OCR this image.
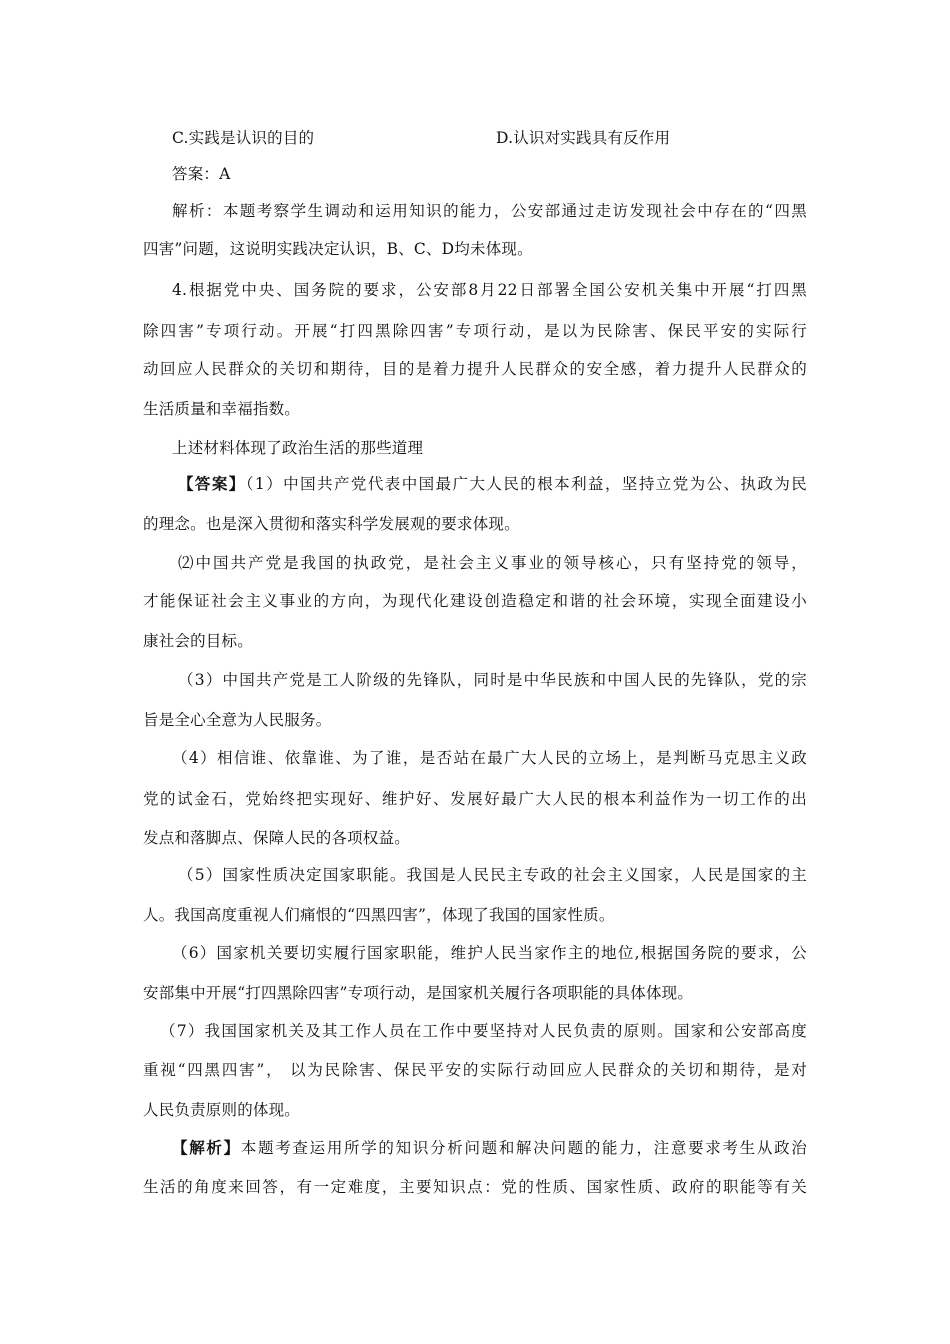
C.实践是认识的目的	D.认识对实践具有反作用
答案：A
解析：本题考察学生调动和运用知识的能力，公安部通过走访发现社会中存在的“四黑
四害”问题，这说明实践决定认识，B、C、D均未体现。
4.根据党中央、国务院的要求，公安部8月22日部署全国公安机关集中开展“打四黑
除四害”专项行动。开展“打四黑除四害”专项行动，是以为民除害、保民平安的实际行
动回应人民群众的关切和期待，目的是着力提升人民群众的安全感，着力提升人民群众的
生活质量和幸福指数。
上述材料体现了政治生活的那些道理
【答案】（1）中国共产党代表中国最广大人民的根本利益，坚持立党为公、执政为民
的理念。也是深入贯彻和落实科学发展观的要求体现。
⑵中国共产党是我国的执政党，是社会主义事业的领导核心，只有坚持党的领导，
才能保证社会主义事业的方向，为现代化建设创造稳定和谐的社会环境，实现全面建设小
康社会的目标。
（3）中国共产党是工人阶级的先锋队，同时是中华民族和中国人民的先锋队，党的宗
旨是全心全意为人民服务。
（4）相信谁、依靠谁、为了谁，是否站在最广大人民的立场上，是判断马克思主义政
党的试金石，党始终把实现好、维护好、发展好最广大人民的根本利益作为一切工作的出
发点和落脚点、保障人民的各项权益。
（5）国家性质决定国家职能。我国是人民民主专政的社会主义国家，人民是国家的主
人。我国高度重视人们痛恨的“四黑四害”，体现了我国的国家性质。
（6）国家机关要切实履行国家职能，维护人民当家作主的地位,根据国务院的要求，公
安部集中开展“打四黑除四害”专项行动，是国家机关履行各项职能的具体体现。
（7）我国国家机关及其工作人员在工作中要坚持对人民负责的原则。国家和公安部高度
重视“四黑四害”， 以为民除害、保民平安的实际行动回应人民群众的关切和期待，是对
人民负责原则的体现。
【解析】本题考查运用所学的知识分析问题和解决问题的能力，注意要求考生从政治
生活的角度来回答，有一定难度，主要知识点：党的性质、国家性质、政府的职能等有关
